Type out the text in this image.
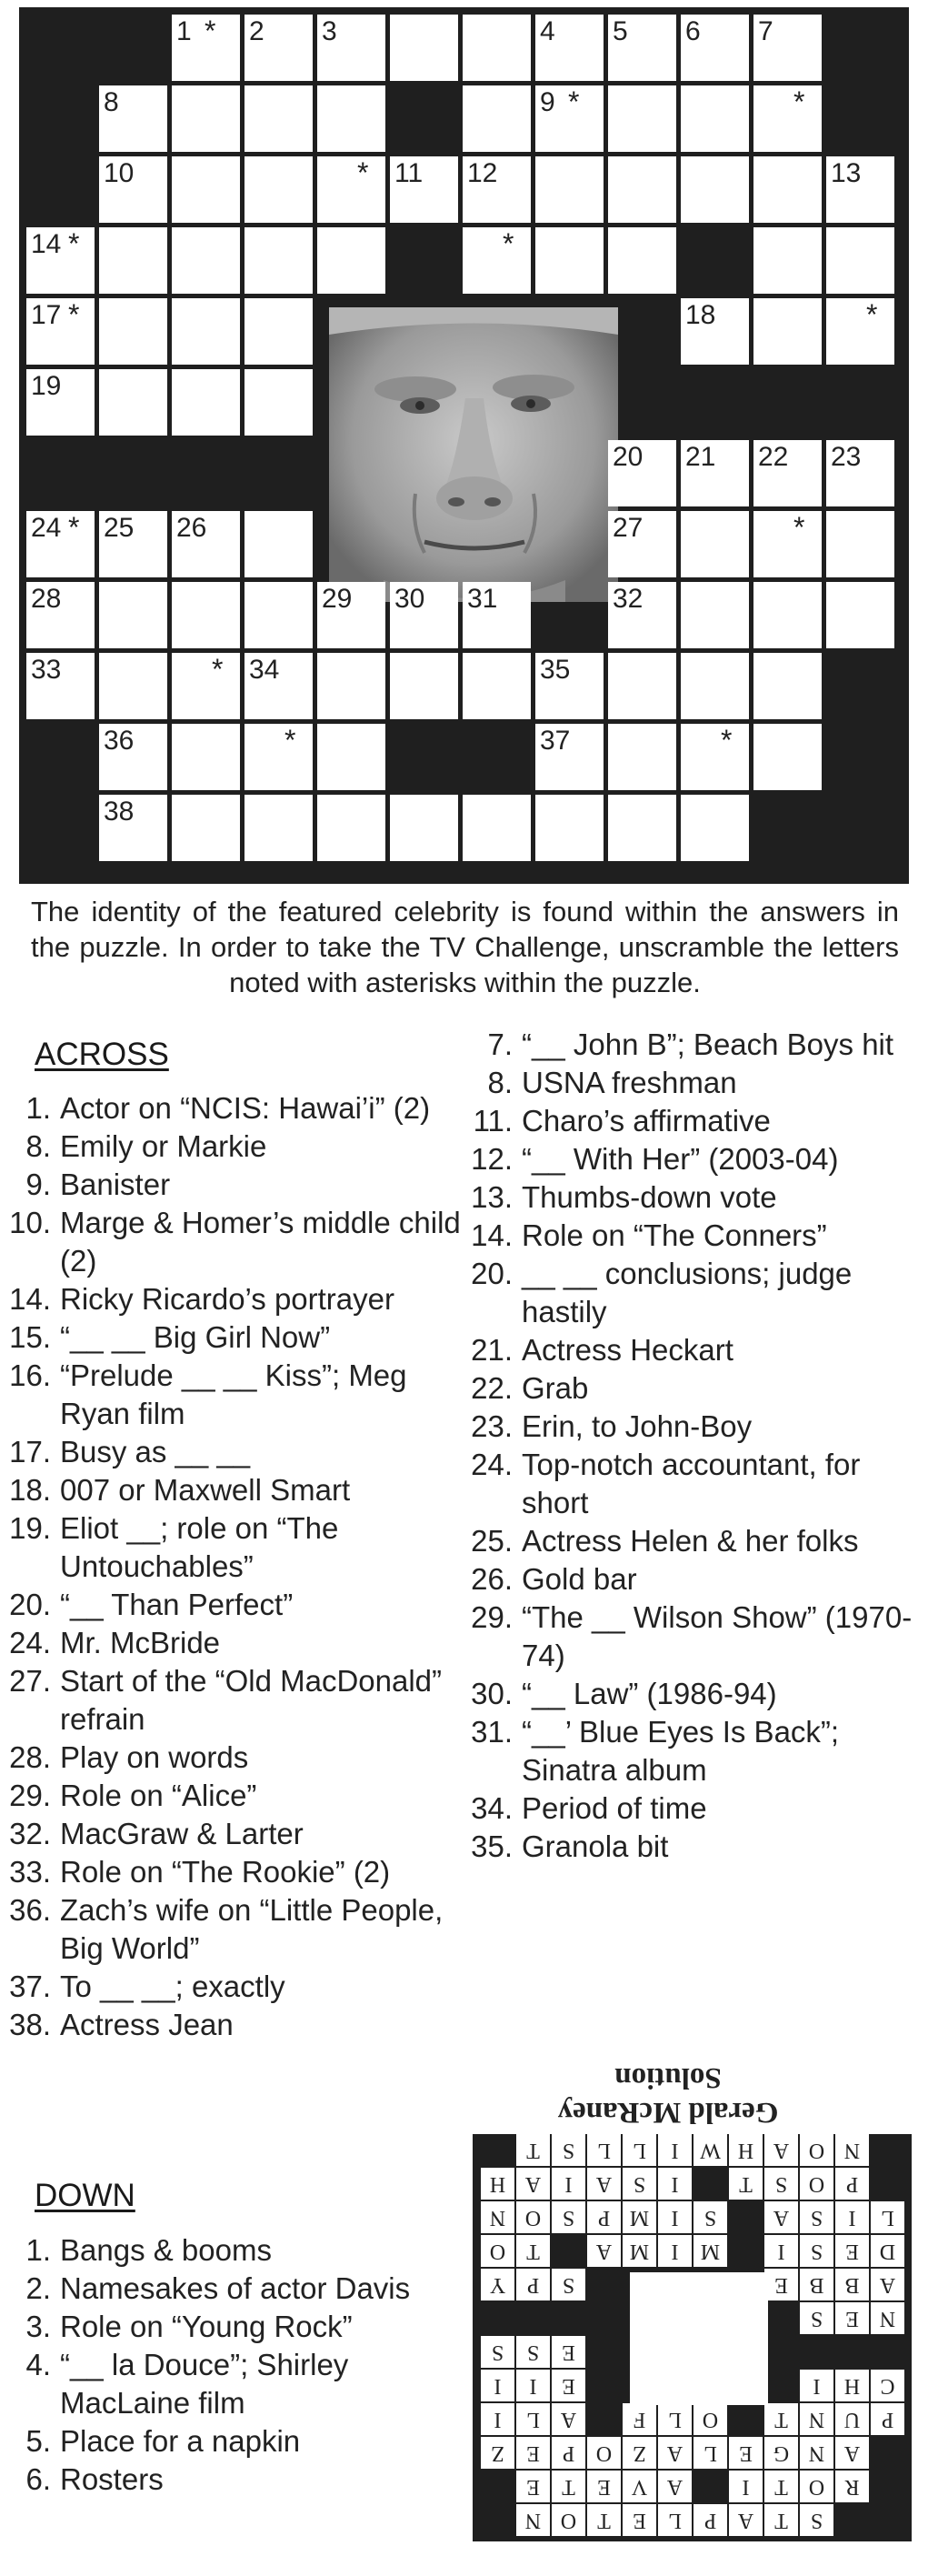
1 * 2 3	4 5 6 7
8	9 *	*
10	* 11 12	13
14 *	*
17 *	18	*
19
20 21 22 23
24 * 25 26	27	*
28	29 30 31	32
33	* 34	35
36	*	37	*
38
The identity of the featured celebrity is found within the answers in the puzzle. In order to take the TV Challenge, unscramble the letters noted with asterisks within the puzzle.
ACROSS
1. Actor on “NCIS: Hawai’i” (2)
8. Emily or Markie
9. Banister
10. Marge & Homer’s middle child (2)
14. Ricky Ricardo’s portrayer
15. “__ __ Big Girl Now”
16. “Prelude __ __ Kiss”; Meg Ryan film
17. Busy as __ __
18. 007 or Maxwell Smart
19. Eliot __; role on “The Untouchables”
20. “__ Than Perfect”
24. Mr. McBride
27. Start of the “Old MacDonald” refrain
28. Play on words
29. Role on “Alice”
32. MacGraw & Larter
33. Role on “The Rookie” (2)
36. Zach’s wife on “Little People, Big World”
37. To __ __; exactly
38. Actress Jean
DOWN
1. Bangs & booms
2. Namesakes of actor Davis
3. Role on “Young Rock”
4. “__ la Douce”; Shirley MacLaine film
5. Place for a napkin
6. Rosters
7. “__ John B”; Beach Boys hit
8. USNA freshman
11. Charo’s affirmative
12. “__ With Her” (2003-04)
13. Thumbs-down vote
14. Role on “The Conners”
20. __ __ conclusions; judge hastily
21. Actress Heckart
22. Grab
23. Erin, to John-Boy
24. Top-notch accountant, for short
25. Actress Helen & her folks
26. Gold bar
29. “The __ Wilson Show” (1970-74)
30. “__ Law” (1986-94)
31. “__’ Blue Eyes Is Back”; Sinatra album
34. Period of time
35. Granola bit
Gerald McRaney
Solution
S
T
A
P
L
E
T
O
N
R
O
T
I
A
V
E
T
E
A
N
G
E
L
A
Z
O
P
E
Z
P
U
N
T
O
L
F
A
L
I
C
H
I
E
I
I
E
S
S
N
E
S
A
B
B
E
S
P
Y
D
E
S
I
M
I
M
A
T
O
L
I
S
A
S
I
M
P
S
O
N
P
O
S
T
I
S
A
I
A
H
N
O
A
H
W
I
L
L
S
T
